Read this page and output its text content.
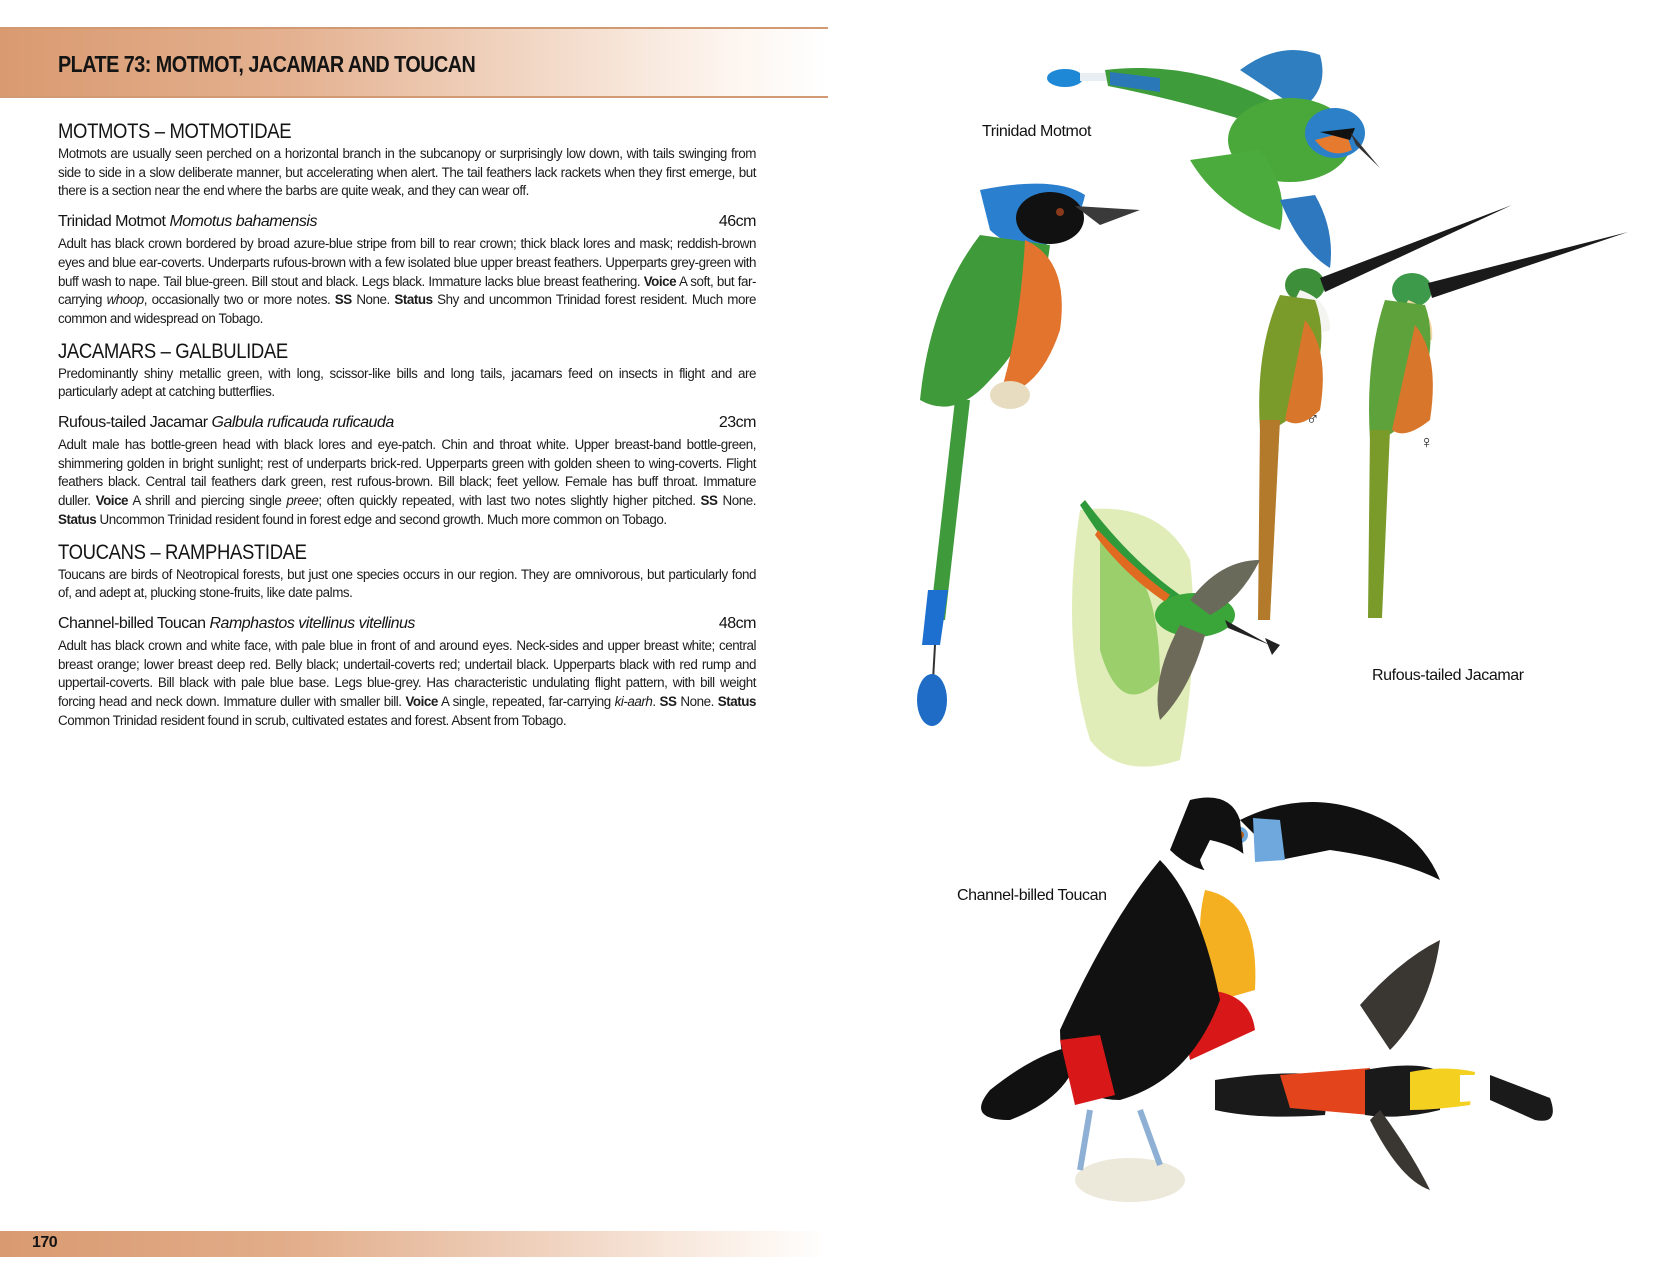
PLATE 73: MOTMOT, JACAMAR AND TOUCAN
MOTMOTS – MOTMOTIDAE

Motmots are usually seen perched on a horizontal branch in the subcanopy or surprisingly low down, with tails swinging from side to side in a slow deliberate manner, but accelerating when alert. The tail feathers lack rackets when they first emerge, but there is a section near the end where the barbs are quite weak, and they can wear off.

Trinidad Motmot Momotus bahamensis	46cm

Adult has black crown bordered by broad azure-blue stripe from bill to rear crown; thick black lores and mask; reddish-brown eyes and blue ear-coverts. Underparts rufous-brown with a few isolated blue upper breast feathers. Upperparts grey-green with buff wash to nape. Tail blue-green. Bill stout and black. Legs black. Immature lacks blue breast feathering. Voice A soft, but far-carrying whoop, occasionally two or more notes. SS None. Status Shy and uncommon Trinidad forest resident. Much more common and widespread on Tobago.

JACAMARS – GALBULIDAE

Predominantly shiny metallic green, with long, scissor-like bills and long tails, jacamars feed on insects in flight and are particularly adept at catching butterflies.

Rufous-tailed Jacamar Galbula ruficauda ruficauda	23cm

Adult male has bottle-green head with black lores and eye-patch. Chin and throat white. Upper breast-band bottle-green, shimmering golden in bright sunlight; rest of underparts brick-red. Upperparts green with golden sheen to wing-coverts. Flight feathers black. Central tail feathers dark green, rest rufous-brown. Bill black; feet yellow. Female has buff throat. Immature duller. Voice A shrill and piercing single preee; often quickly repeated, with last two notes slightly higher pitched. SS None. Status Uncommon Trinidad resident found in forest edge and second growth. Much more common on Tobago.

TOUCANS – RAMPHASTIDAE

Toucans are birds of Neotropical forests, but just one species occurs in our region. They are omnivorous, but particularly fond of, and adept at, plucking stone-fruits, like date palms.

Channel-billed Toucan Ramphastos vitellinus vitellinus	48cm

Adult has black crown and white face, with pale blue in front of and around eyes. Neck-sides and upper breast white; central breast orange; lower breast deep red. Belly black; undertail-coverts red; undertail black. Upperparts black with red rump and uppertail-coverts. Bill black with pale blue base. Legs blue-grey. Has characteristic undulating flight pattern, with bill weight forcing head and neck down. Immature duller with smaller bill. Voice A single, repeated, far-carrying ki-aarh. SS None. Status Common Trinidad resident found in scrub, cultivated estates and forest. Absent from Tobago.

170
♂
♀
Trinidad Motmot
Rufous-tailed Jacamar
Channel-billed Toucan
